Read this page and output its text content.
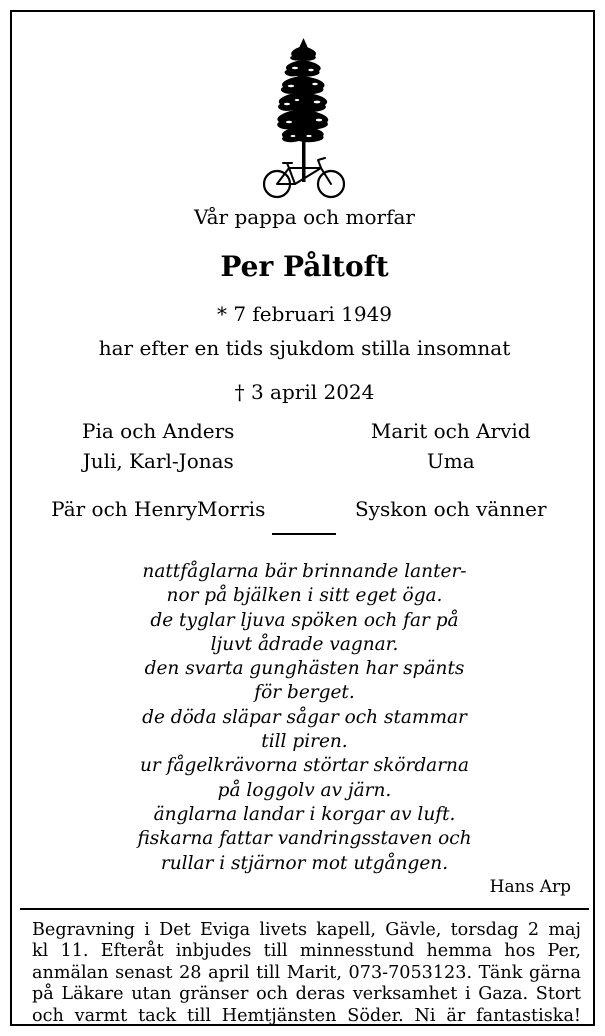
Vår pappa och morfar
Per Påltoft
* 7 februari 1949
har efter en tids sjukdom stilla insomnat
† 3 april 2024
Pia och Anders
Juli, Karl-Jonas
Marit och Arvid
Uma
Pär och HenryMorris	Syskon och vänner
nattfåglarna bär brinnande lanter-
nor på bjälken i sitt eget öga.
de tyglar ljuva spöken och far på
ljuvt ådrade vagnar.
den svarta gunghästen har spänts
för berget.
de döda släpar sågar och stammar
till piren.
ur fågelkrävorna störtar skördarna
på loggolv av järn.
änglarna landar i korgar av luft.
fiskarna fattar vandringsstaven och
rullar i stjärnor mot utgången.
Hans Arp
Begravning i Det Eviga livets kapell, Gävle, torsdag 2 maj
kl 11. Efteråt inbjudes till minnesstund hemma hos Per,
anmälan senast 28 april till Marit, 073-7053123. Tänk gärna
på Läkare utan gränser och deras verksamhet i Gaza. Stort
och varmt tack till Hemtjänsten Söder. Ni är fantastiska!
